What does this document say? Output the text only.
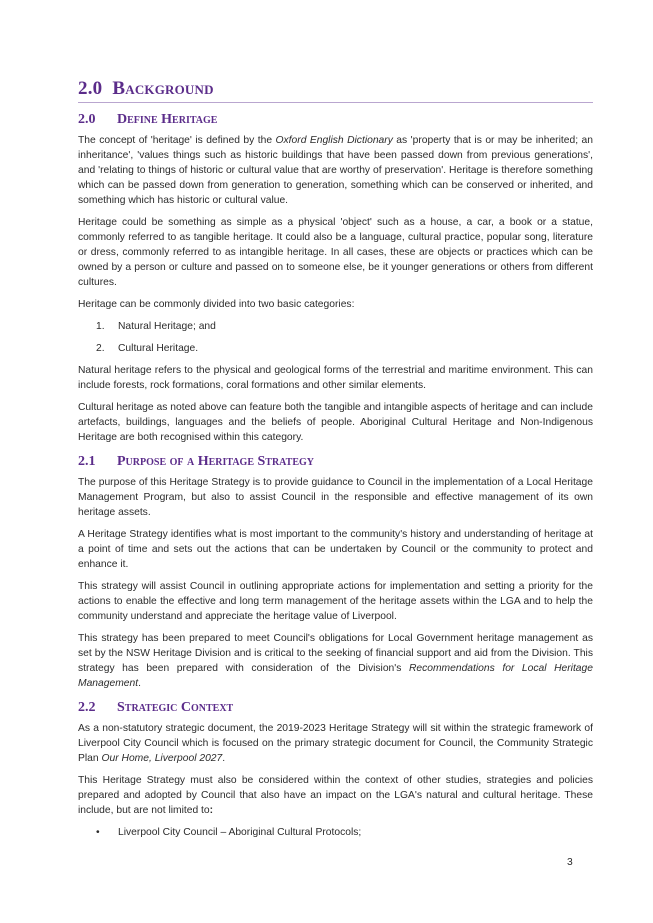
2.0 Background
2.0 Define Heritage

The concept of 'heritage' is defined by the Oxford English Dictionary as 'property that is or may be inherited; an inheritance', 'values things such as historic buildings that have been passed down from previous generations', and 'relating to things of historic or cultural value that are worthy of preservation'. Heritage is therefore something which can be passed down from generation to generation, something which can be conserved or inherited, and something which has historic or cultural value.

Heritage could be something as simple as a physical 'object' such as a house, a car, a book or a statue, commonly referred to as tangible heritage. It could also be a language, cultural practice, popular song, literature or dress, commonly referred to as intangible heritage. In all cases, these are objects or practices which can be owned by a person or culture and passed on to someone else, be it younger generations or others from different cultures.

Heritage can be commonly divided into two basic categories:

1. Natural Heritage; and
2. Cultural Heritage.

Natural heritage refers to the physical and geological forms of the terrestrial and maritime environment. This can include forests, rock formations, coral formations and other similar elements.

Cultural heritage as noted above can feature both the tangible and intangible aspects of heritage and can include artefacts, buildings, languages and the beliefs of people. Aboriginal Cultural Heritage and Non-Indigenous Heritage are both recognised within this category.

2.1 Purpose of a Heritage Strategy

The purpose of this Heritage Strategy is to provide guidance to Council in the implementation of a Local Heritage Management Program, but also to assist Council in the responsible and effective management of its own heritage assets.

A Heritage Strategy identifies what is most important to the community's history and understanding of heritage at a point of time and sets out the actions that can be undertaken by Council or the community to protect and enhance it.

This strategy will assist Council in outlining appropriate actions for implementation and setting a priority for the actions to enable the effective and long term management of the heritage assets within the LGA and to help the community understand and appreciate the heritage value of Liverpool.

This strategy has been prepared to meet Council's obligations for Local Government heritage management as set by the NSW Heritage Division and is critical to the seeking of financial support and aid from the Division. This strategy has been prepared with consideration of the Division's Recommendations for Local Heritage Management.

2.2 Strategic Context

As a non-statutory strategic document, the 2019-2023 Heritage Strategy will sit within the strategic framework of Liverpool City Council which is focused on the primary strategic document for Council, the Community Strategic Plan Our Home, Liverpool 2027.

This Heritage Strategy must also be considered within the context of other studies, strategies and policies prepared and adopted by Council that also have an impact on the LGA's natural and cultural heritage. These include, but are not limited to:

• Liverpool City Council – Aboriginal Cultural Protocols;
3
